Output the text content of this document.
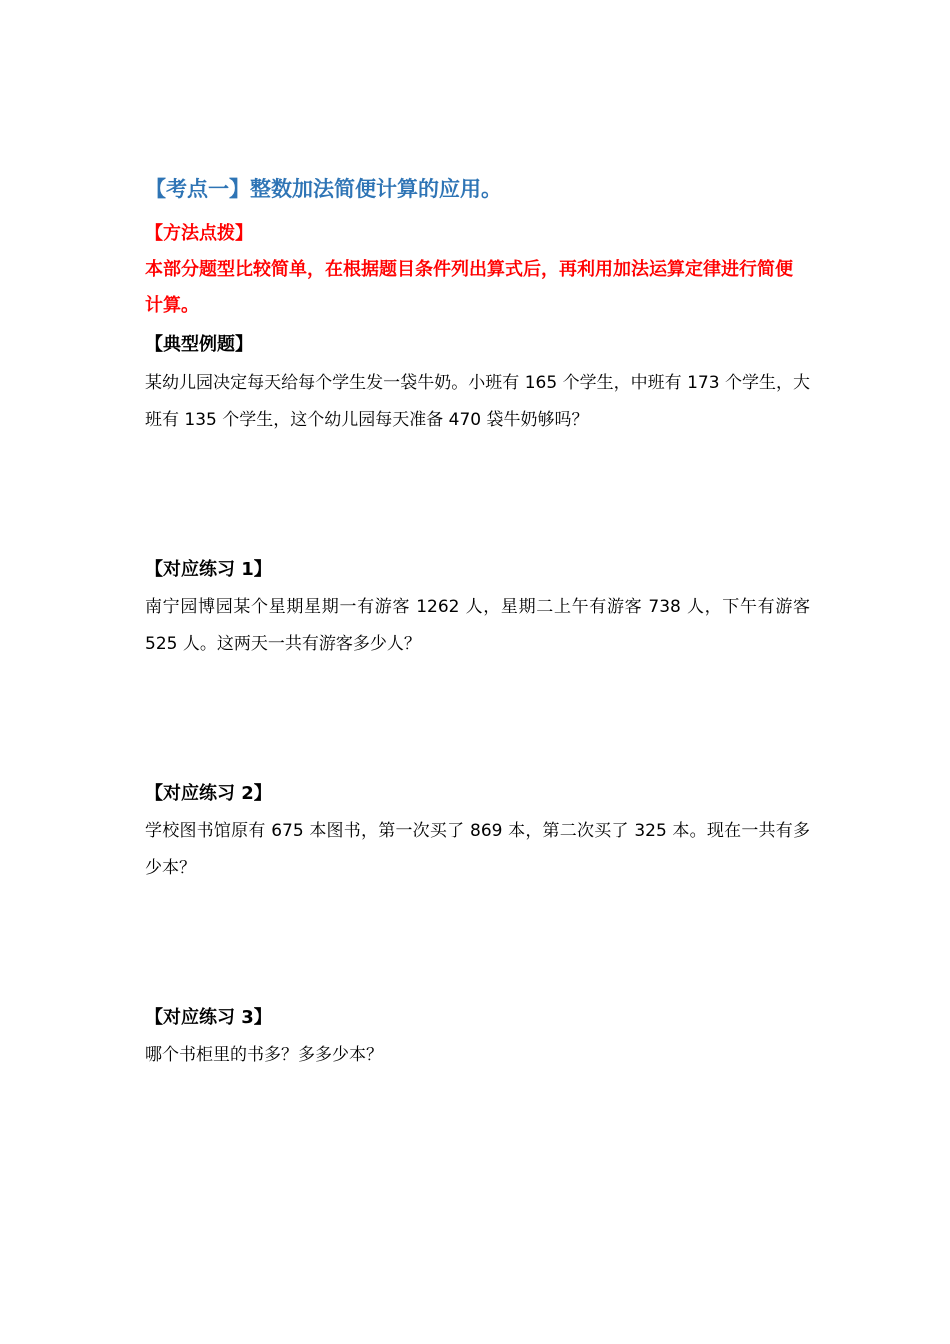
【考点一】整数加法简便计算的应用。
【方法点拨】
本部分题型比较简单，在根据题目条件列出算式后，再利用加法运算定律进行简便计算。
【典型例题】
某幼儿园决定每天给每个学生发一袋牛奶。小班有 165 个学生，中班有 173 个学生，大班有 135 个学生，这个幼儿园每天准备 470 袋牛奶够吗？
【对应练习 1】
南宁园博园某个星期星期一有游客 1262 人，星期二上午有游客 738 人，下午有游客 525 人。这两天一共有游客多少人？
【对应练习 2】
学校图书馆原有 675 本图书，第一次买了 869 本，第二次买了 325 本。现在一共有多少本？
【对应练习 3】
哪个书柜里的书多？多多少本？
